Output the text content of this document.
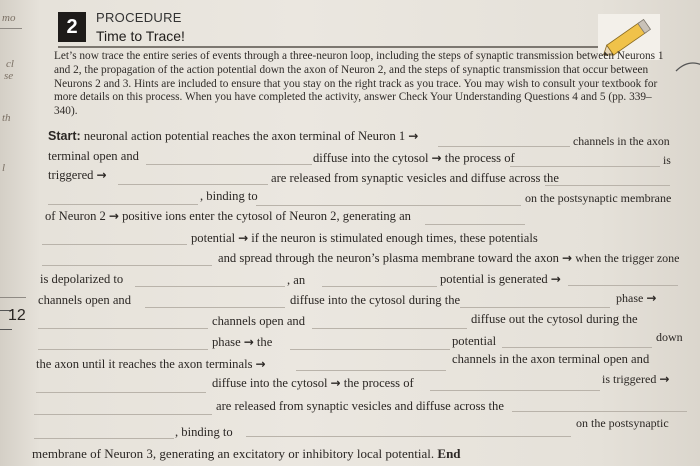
mo
cl
se
th
l
12
2	PROCEDURE
Time to Trace!

Let’s now trace the entire series of events through a three-neuron loop, including the steps of synaptic transmission between Neurons 1 and 2, the propagation of the action potential down the axon of Neuron 2, and the steps of synaptic transmission that occur between Neurons 2 and 3. Hints are included to ensure that you stay on the right track as you trace. You may wish to consult your textbook for more details on this process. When you have completed the activity, answer Check Your Understanding Questions 4 and 5 (pp. 339–340).

Start: neuronal action potential reaches the axon terminal of Neuron 1 →	channels in the axon
terminal open and	diffuse into the cytosol → the process of	is
triggered →	are released from synaptic vesicles and diffuse across the
, binding to	on the postsynaptic membrane
of Neuron 2 → positive ions enter the cytosol of Neuron 2, generating an
potential → if the neuron is stimulated enough times, these potentials
and spread through the neuron’s plasma membrane toward the axon → when the trigger zone
is depolarized to	, an	potential is generated →
channels open and	diffuse into the cytosol during the	phase →
channels open and	diffuse out the cytosol during the
phase → the	potential	down
the axon until it reaches the axon terminals →	channels in the axon terminal open and
diffuse into the cytosol → the process of	is triggered →
are released from synaptic vesicles and diffuse across the
, binding to
on the postsynaptic
membrane of Neuron 3, generating an excitatory or inhibitory local potential. End
